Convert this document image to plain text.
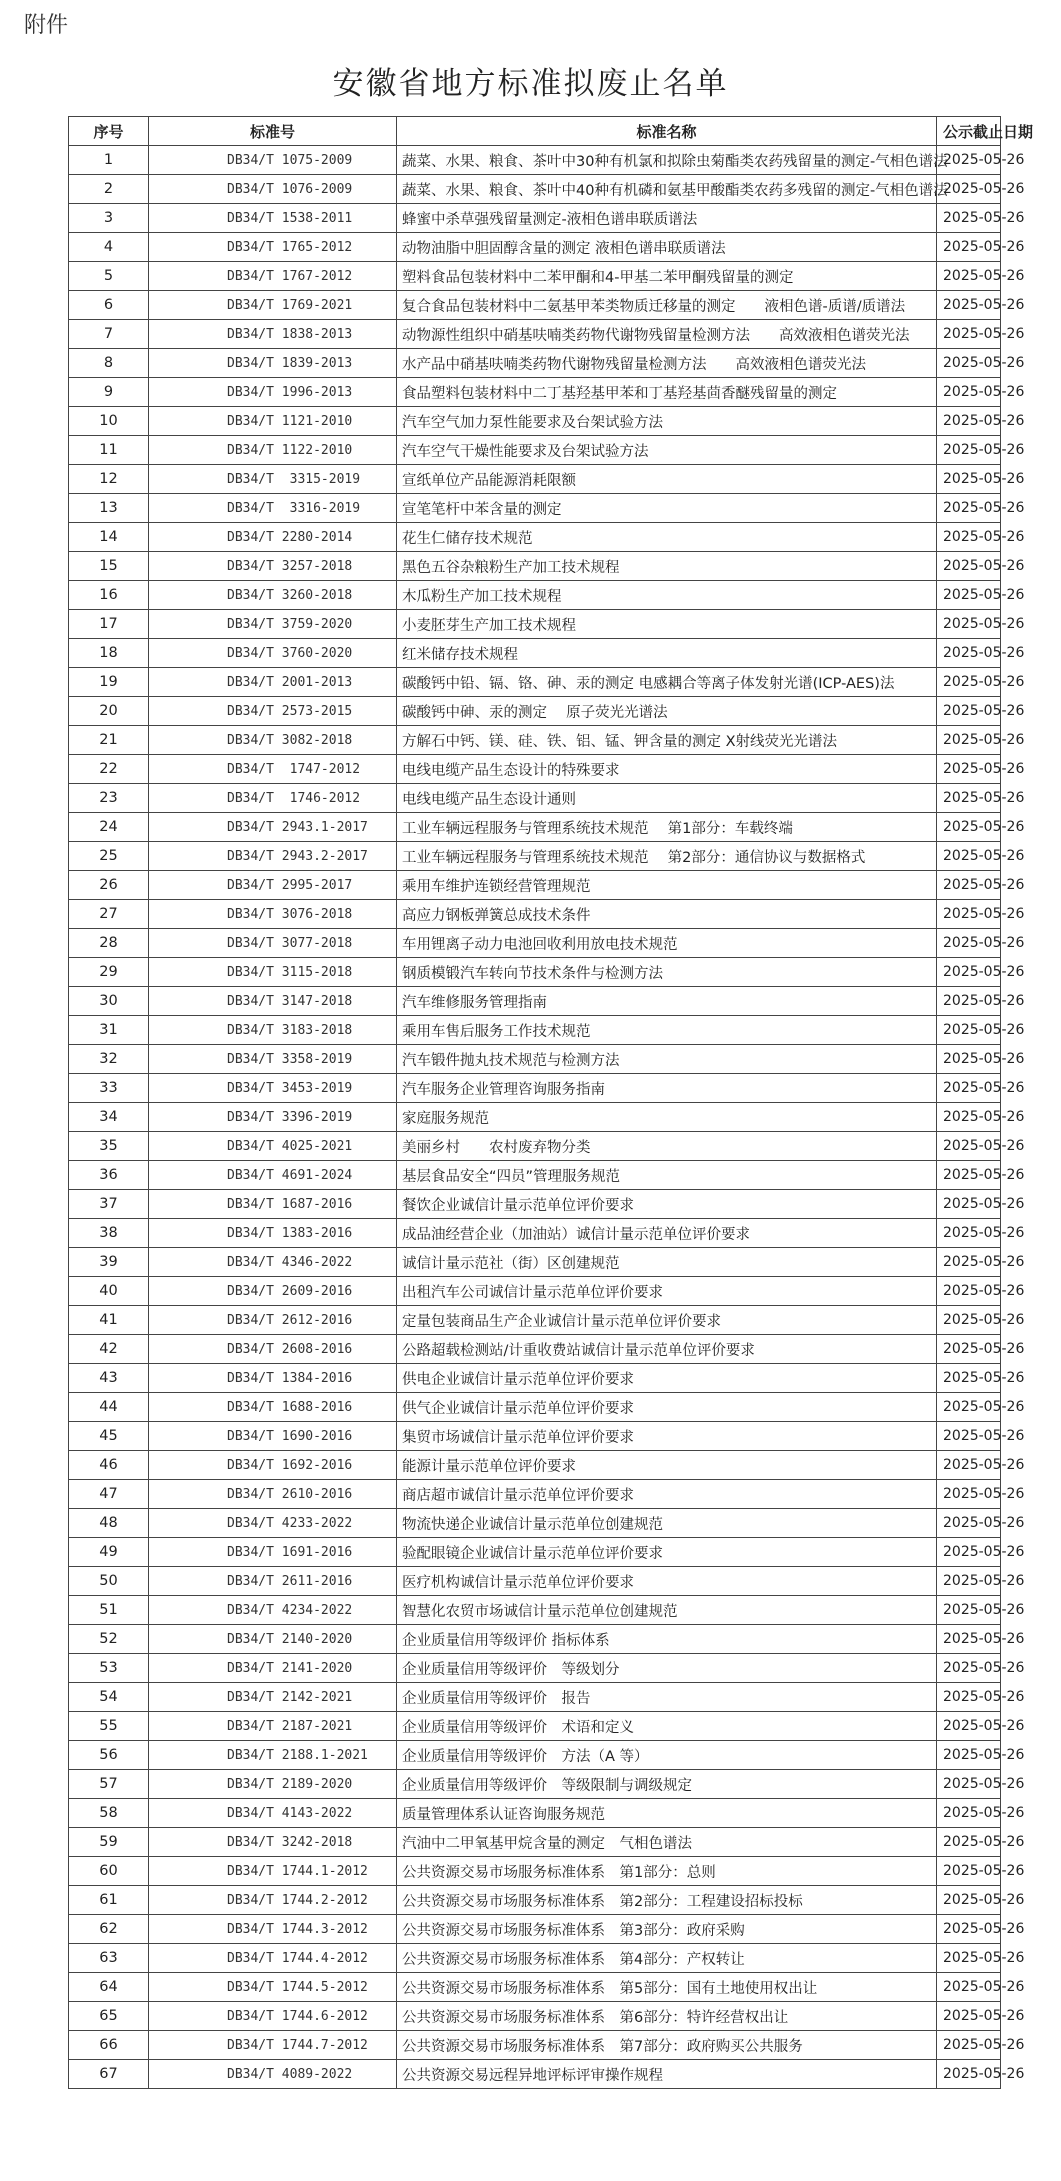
附件
安徽省地方标准拟废止名单
序号	标准号	标准名称	公示截止日期
1	DB34/T 1075-2009	蔬菜、水果、粮食、茶叶中30种有机氯和拟除虫菊酯类农药残留量的测定-气相色谱法	2025-05-26
2	DB34/T 1076-2009	蔬菜、水果、粮食、茶叶中40种有机磷和氨基甲酸酯类农药多残留的测定-气相色谱法	2025-05-26
3	DB34/T 1538-2011	蜂蜜中杀草强残留量测定-液相色谱串联质谱法	2025-05-26
4	DB34/T 1765-2012	动物油脂中胆固醇含量的测定 液相色谱串联质谱法	2025-05-26
5	DB34/T 1767-2012	塑料食品包装材料中二苯甲酮和4-甲基二苯甲酮残留量的测定	2025-05-26
6	DB34/T 1769-2021	复合食品包装材料中二氨基甲苯类物质迁移量的测定　　液相色谱-质谱/质谱法	2025-05-26
7	DB34/T 1838-2013	动物源性组织中硝基呋喃类药物代谢物残留量检测方法　　高效液相色谱荧光法	2025-05-26
8	DB34/T 1839-2013	水产品中硝基呋喃类药物代谢物残留量检测方法　　高效液相色谱荧光法	2025-05-26
9	DB34/T 1996-2013	食品塑料包装材料中二丁基羟基甲苯和丁基羟基茴香醚残留量的测定	2025-05-26
10	DB34/T 1121-2010	汽车空气加力泵性能要求及台架试验方法	2025-05-26
11	DB34/T 1122-2010	汽车空气干燥性能要求及台架试验方法	2025-05-26
12	DB34/T  3315-2019	宣纸单位产品能源消耗限额	2025-05-26
13	DB34/T  3316-2019	宣笔笔杆中苯含量的测定	2025-05-26
14	DB34/T 2280-2014	花生仁储存技术规范	2025-05-26
15	DB34/T 3257-2018	黑色五谷杂粮粉生产加工技术规程	2025-05-26
16	DB34/T 3260-2018	木瓜粉生产加工技术规程	2025-05-26
17	DB34/T 3759-2020	小麦胚芽生产加工技术规程	2025-05-26
18	DB34/T 3760-2020	红米储存技术规程	2025-05-26
19	DB34/T 2001-2013	碳酸钙中铅、镉、铬、砷、汞的测定 电感耦合等离子体发射光谱(ICP-AES)法	2025-05-26
20	DB34/T 2573-2015	碳酸钙中砷、汞的测定　 原子荧光光谱法	2025-05-26
21	DB34/T 3082-2018	方解石中钙、镁、硅、铁、铝、锰、钾含量的测定 X射线荧光光谱法	2025-05-26
22	DB34/T  1747-2012	电线电缆产品生态设计的特殊要求	2025-05-26
23	DB34/T  1746-2012	电线电缆产品生态设计通则	2025-05-26
24	DB34/T 2943.1-2017	工业车辆远程服务与管理系统技术规范　 第1部分：车载终端	2025-05-26
25	DB34/T 2943.2-2017	工业车辆远程服务与管理系统技术规范　 第2部分：通信协议与数据格式	2025-05-26
26	DB34/T 2995-2017	乘用车维护连锁经营管理规范	2025-05-26
27	DB34/T 3076-2018	高应力钢板弹簧总成技术条件	2025-05-26
28	DB34/T 3077-2018	车用锂离子动力电池回收利用放电技术规范	2025-05-26
29	DB34/T 3115-2018	钢质模锻汽车转向节技术条件与检测方法	2025-05-26
30	DB34/T 3147-2018	汽车维修服务管理指南	2025-05-26
31	DB34/T 3183-2018	乘用车售后服务工作技术规范	2025-05-26
32	DB34/T 3358-2019	汽车锻件抛丸技术规范与检测方法	2025-05-26
33	DB34/T 3453-2019	汽车服务企业管理咨询服务指南	2025-05-26
34	DB34/T 3396-2019	家庭服务规范	2025-05-26
35	DB34/T 4025-2021	美丽乡村　　农村废弃物分类	2025-05-26
36	DB34/T 4691-2024	基层食品安全“四员”管理服务规范	2025-05-26
37	DB34/T 1687-2016	餐饮企业诚信计量示范单位评价要求	2025-05-26
38	DB34/T 1383-2016	成品油经营企业（加油站）诚信计量示范单位评价要求	2025-05-26
39	DB34/T 4346-2022	诚信计量示范社（街）区创建规范	2025-05-26
40	DB34/T 2609-2016	出租汽车公司诚信计量示范单位评价要求	2025-05-26
41	DB34/T 2612-2016	定量包装商品生产企业诚信计量示范单位评价要求	2025-05-26
42	DB34/T 2608-2016	公路超载检测站/计重收费站诚信计量示范单位评价要求	2025-05-26
43	DB34/T 1384-2016	供电企业诚信计量示范单位评价要求	2025-05-26
44	DB34/T 1688-2016	供气企业诚信计量示范单位评价要求	2025-05-26
45	DB34/T 1690-2016	集贸市场诚信计量示范单位评价要求	2025-05-26
46	DB34/T 1692-2016	能源计量示范单位评价要求	2025-05-26
47	DB34/T 2610-2016	商店超市诚信计量示范单位评价要求	2025-05-26
48	DB34/T 4233-2022	物流快递企业诚信计量示范单位创建规范	2025-05-26
49	DB34/T 1691-2016	验配眼镜企业诚信计量示范单位评价要求	2025-05-26
50	DB34/T 2611-2016	医疗机构诚信计量示范单位评价要求	2025-05-26
51	DB34/T 4234-2022	智慧化农贸市场诚信计量示范单位创建规范	2025-05-26
52	DB34/T 2140-2020	企业质量信用等级评价 指标体系	2025-05-26
53	DB34/T 2141-2020	企业质量信用等级评价　等级划分	2025-05-26
54	DB34/T 2142-2021	企业质量信用等级评价　报告	2025-05-26
55	DB34/T 2187-2021	企业质量信用等级评价　术语和定义	2025-05-26
56	DB34/T 2188.1-2021	企业质量信用等级评价　方法（A 等）	2025-05-26
57	DB34/T 2189-2020	企业质量信用等级评价　等级限制与调级规定	2025-05-26
58	DB34/T 4143-2022	质量管理体系认证咨询服务规范	2025-05-26
59	DB34/T 3242-2018	汽油中二甲氧基甲烷含量的测定　气相色谱法	2025-05-26
60	DB34/T 1744.1-2012	公共资源交易市场服务标准体系　第1部分：总则	2025-05-26
61	DB34/T 1744.2-2012	公共资源交易市场服务标准体系　第2部分：工程建设招标投标	2025-05-26
62	DB34/T 1744.3-2012	公共资源交易市场服务标准体系　第3部分：政府采购	2025-05-26
63	DB34/T 1744.4-2012	公共资源交易市场服务标准体系　第4部分：产权转让	2025-05-26
64	DB34/T 1744.5-2012	公共资源交易市场服务标准体系　第5部分：国有土地使用权出让	2025-05-26
65	DB34/T 1744.6-2012	公共资源交易市场服务标准体系　第6部分：特许经营权出让	2025-05-26
66	DB34/T 1744.7-2012	公共资源交易市场服务标准体系　第7部分：政府购买公共服务	2025-05-26
67	DB34/T 4089-2022	公共资源交易远程异地评标评审操作规程	2025-05-26
